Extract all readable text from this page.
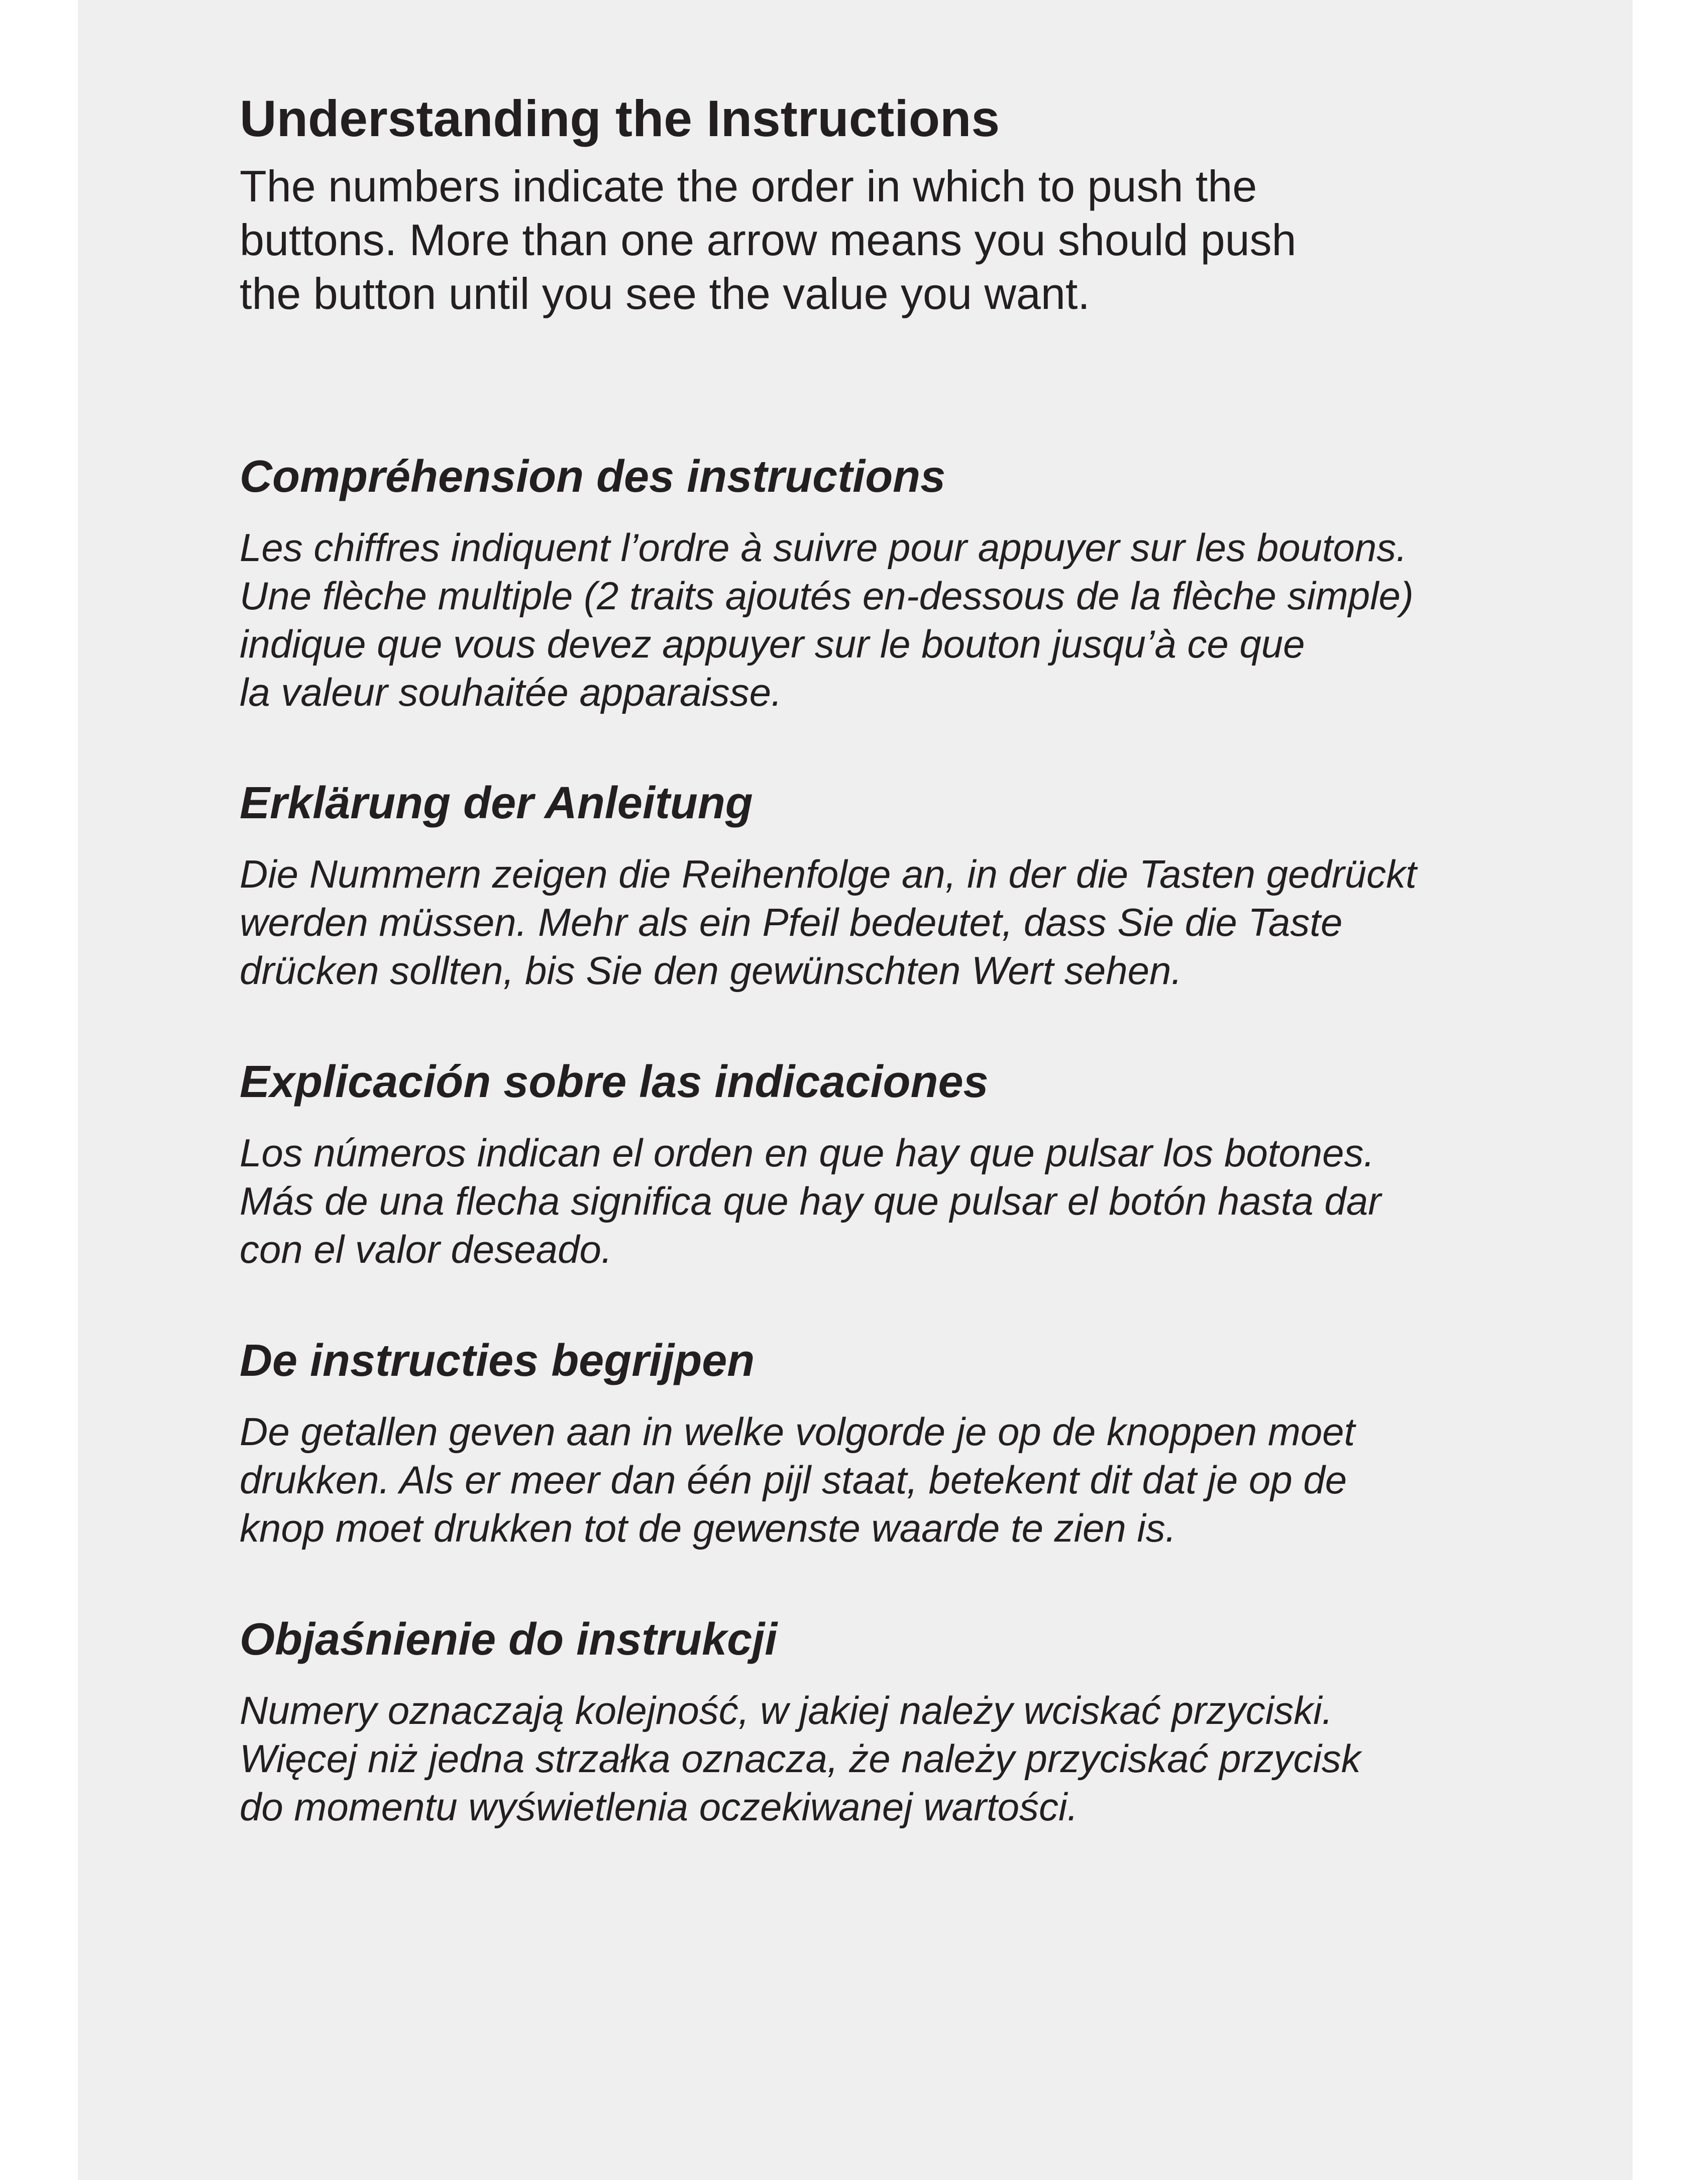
Understanding the Instructions

The numbers indicate the order in which to push the
buttons. More than one arrow means you should push
the button until you see the value you want.

Compréhension des instructions

Les chiffres indiquent l’ordre à suivre pour appuyer sur les boutons.
Une flèche multiple (2 traits ajoutés en-dessous de la flèche simple)
indique que vous devez appuyer sur le bouton jusqu’à ce que
la valeur souhaitée apparaisse.

Erklärung der Anleitung

Die Nummern zeigen die Reihenfolge an, in der die Tasten gedrückt
werden müssen. Mehr als ein Pfeil bedeutet, dass Sie die Taste
drücken sollten, bis Sie den gewünschten Wert sehen.

Explicación sobre las indicaciones

Los números indican el orden en que hay que pulsar los botones.
Más de una flecha significa que hay que pulsar el botón hasta dar
con el valor deseado.

De instructies begrijpen

De getallen geven aan in welke volgorde je op de knoppen moet
drukken. Als er meer dan één pijl staat, betekent dit dat je op de
knop moet drukken tot de gewenste waarde te zien is.

Objaśnienie do instrukcji

Numery oznaczają kolejność, w jakiej należy wciskać przyciski.
Więcej niż jedna strzałka oznacza, że należy przyciskać przycisk
do momentu wyświetlenia oczekiwanej wartości.
